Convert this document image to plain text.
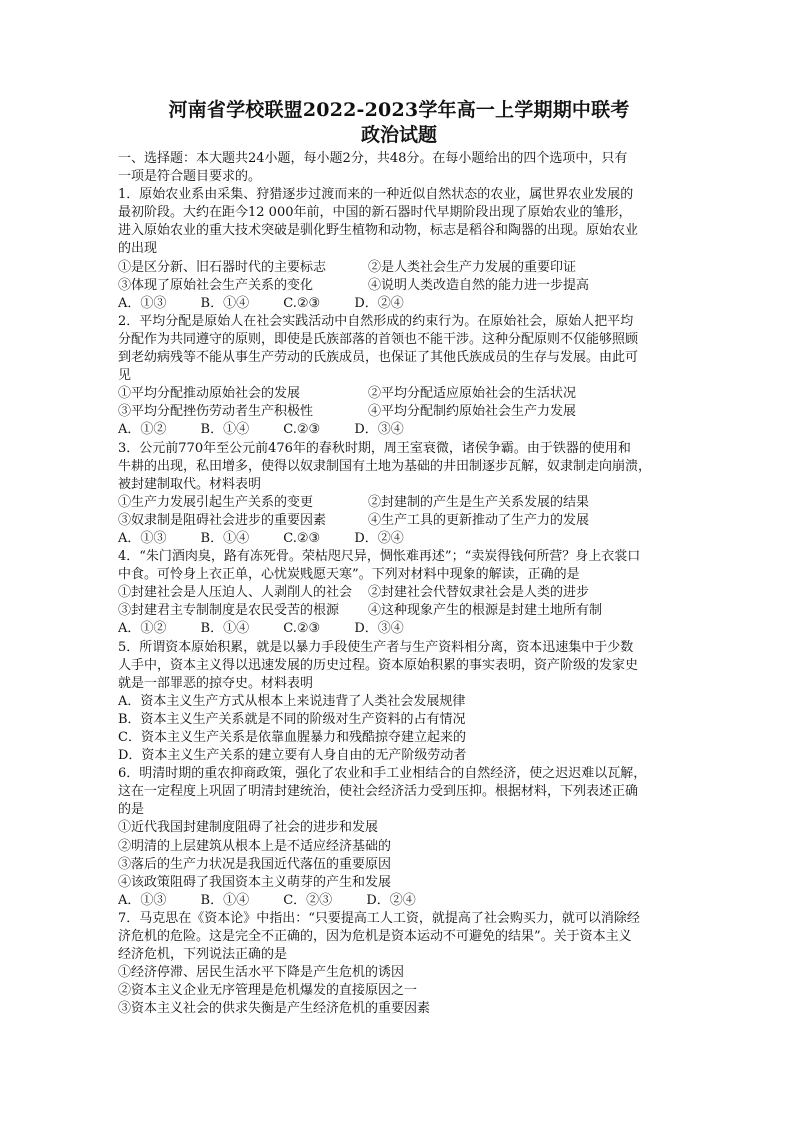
河南省学校联盟2022-2023学年高一上学期期中联考
政治试题

一、选择题：本大题共24小题，每小题2分，共48分。在每小题给出的四个选项中，只有

一项是符合题目要求的。

1．原始农业系由采集、狩猎逐步过渡而来的一种近似自然状态的农业，属世界农业发展的

最初阶段。大约在距今12 000年前，中国的新石器时代早期阶段出现了原始农业的雏形，

进入原始农业的重大技术突破是驯化野生植物和动物，标志是稻谷和陶器的出现。原始农业

的出现

①是区分新、旧石器时代的主要标志	②是人类社会生产力发展的重要印证
③体现了原始社会生产关系的变化	④说明人类改造自然的能力进一步提高
A．①③	B．①④	C.②③	D．②④

2．平均分配是原始人在社会实践活动中自然形成的约束行为。在原始社会，原始人把平均

分配作为共同遵守的原则，即使是氏族部落的首领也不能干涉。这种分配原则不仅能够照顾

到老幼病残等不能从事生产劳动的氏族成员，也保证了其他氏族成员的生存与发展。由此可

见

①平均分配推动原始社会的发展	②平均分配适应原始社会的生活状况
③平均分配挫伤劳动者生产积极性	④平均分配制约原始社会生产力发展
A．①②	B．①④	C.②③	D．③④

3．公元前770年至公元前476年的春秋时期，周王室衰微，诸侯争霸。由于铁器的使用和

牛耕的出现，私田增多，使得以奴隶制国有土地为基础的井田制逐步瓦解，奴隶制走向崩溃，

被封建制取代。材料表明

①生产力发展引起生产关系的变更	②封建制的产生是生产关系发展的结果
③奴隶制是阻碍社会进步的重要因素	④生产工具的更新推动了生产力的发展
A．①③	B．①④	C.②③	D．②④

4．“朱门酒肉臭，路有冻死骨。荣枯咫尺异，惆怅难再述”；“卖炭得钱何所营？身上衣裳口

中食。可怜身上衣正单，心忧炭贱愿天寒”。下列对材料中现象的解读，正确的是

①封建社会是人压迫人、人剥削人的社会	②封建社会代替奴隶社会是人类的进步
③封建君主专制制度是农民受苦的根源	④这种现象产生的根源是封建土地所有制
A．①②	B．①④	C.②③	D．③④

5．所谓资本原始积累，就是以暴力手段使生产者与生产资料相分离，资本迅速集中于少数

人手中，资本主义得以迅速发展的历史过程。资本原始积累的事实表明，资产阶级的发家史

就是一部罪恶的掠夺史。材料表明

A．资本主义生产方式从根本上来说违背了人类社会发展规律

B．资本主义生产关系就是不同的阶级对生产资料的占有情况

C．资本主义生产关系是依靠血腥暴力和残酷掠夺建立起来的

D．资本主义生产关系的建立要有人身自由的无产阶级劳动者

6．明清时期的重农抑商政策，强化了农业和手工业相结合的自然经济，使之迟迟难以瓦解，

这在一定程度上巩固了明清封建统治，使社会经济活力受到压抑。根据材料，下列表述正确

的是

①近代我国封建制度阻碍了社会的进步和发展

②明清的上层建筑从根本上是不适应经济基础的

③落后的生产力状况是我国近代落伍的重要原因

④该政策阻碍了我国资本主义萌芽的产生和发展

A．①③	B．①④	C．②③	D．②④

7．马克思在《资本论》中指出：“只要提高工人工资，就提高了社会购买力，就可以消除经

济危机的危险。这是完全不正确的，因为危机是资本运动不可避免的结果”。关于资本主义

经济危机，下列说法正确的是

①经济停滞、居民生活水平下降是产生危机的诱因

②资本主义企业无序管理是危机爆发的直接原因之一

③资本主义社会的供求失衡是产生经济危机的重要因素
